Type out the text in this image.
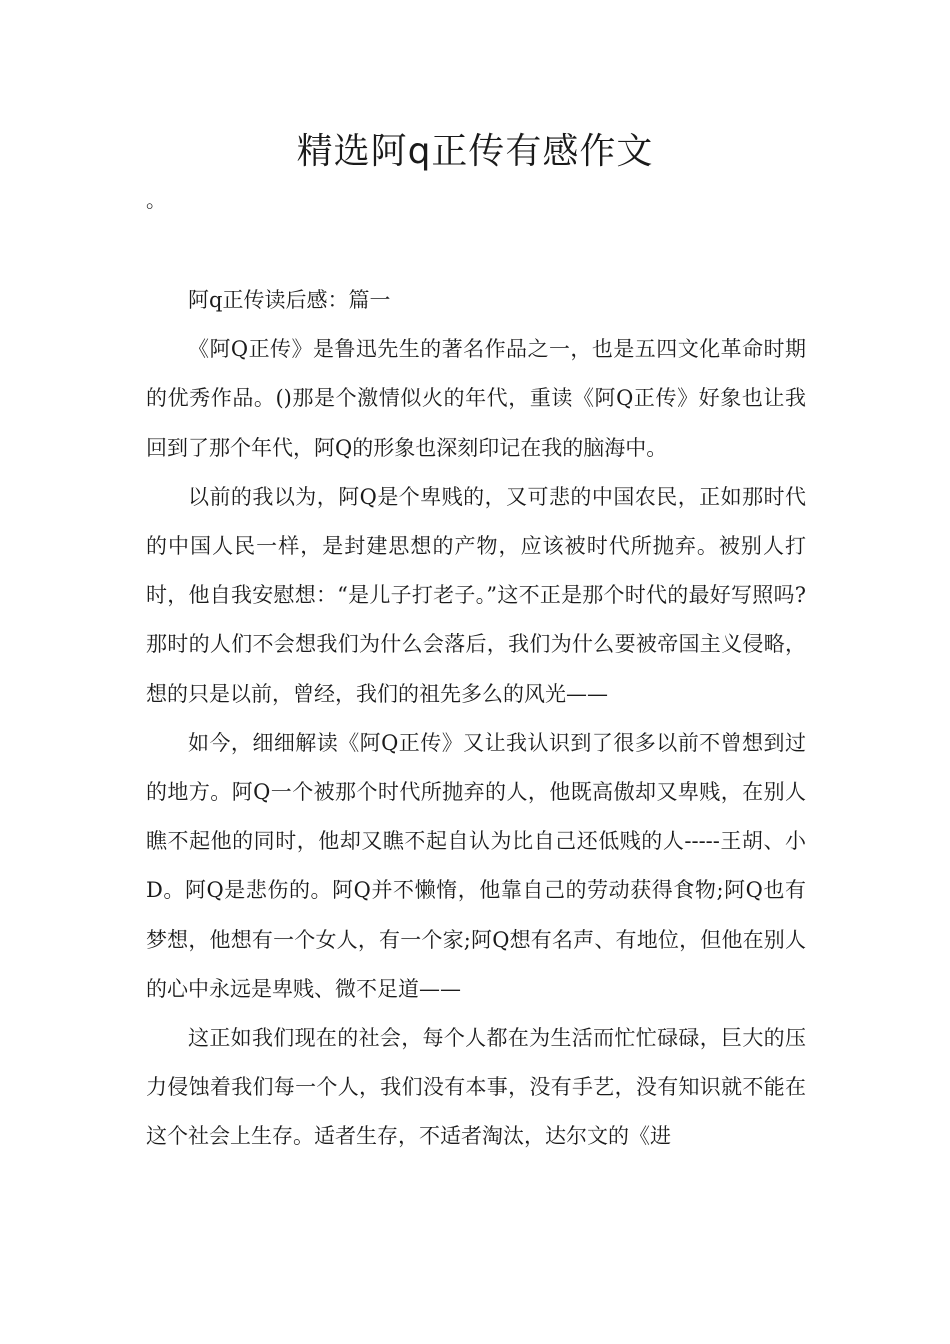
精选阿q正传有感作文
。

阿q正传读后感：篇一

《阿Q正传》是鲁迅先生的著名作品之一，也是五四文化革命时期的优秀作品。()那是个激情似火的年代，重读《阿Q正传》好象也让我回到了那个年代，阿Q的形象也深刻印记在我的脑海中。

以前的我以为，阿Q是个卑贱的，又可悲的中国农民，正如那时代的中国人民一样，是封建思想的产物，应该被时代所抛弃。被别人打时，他自我安慰想：“是儿子打老子。”这不正是那个时代的最好写照吗?那时的人们不会想我们为什么会落后，我们为什么要被帝国主义侵略，想的只是以前，曾经，我们的祖先多么的风光——

如今，细细解读《阿Q正传》又让我认识到了很多以前不曾想到过的地方。阿Q一个被那个时代所抛弃的人，他既高傲却又卑贱，在别人瞧不起他的同时，他却又瞧不起自认为比自己还低贱的人-----王胡、小D。阿Q是悲伤的。阿Q并不懒惰，他靠自己的劳动获得食物;阿Q也有梦想，他想有一个女人，有一个家;阿Q想有名声、有地位，但他在别人的心中永远是卑贱、微不足道——

这正如我们现在的社会，每个人都在为生活而忙忙碌碌，巨大的压力侵蚀着我们每一个人，我们没有本事，没有手艺，没有知识就不能在这个社会上生存。适者生存，不适者淘汰，达尔文的《进
